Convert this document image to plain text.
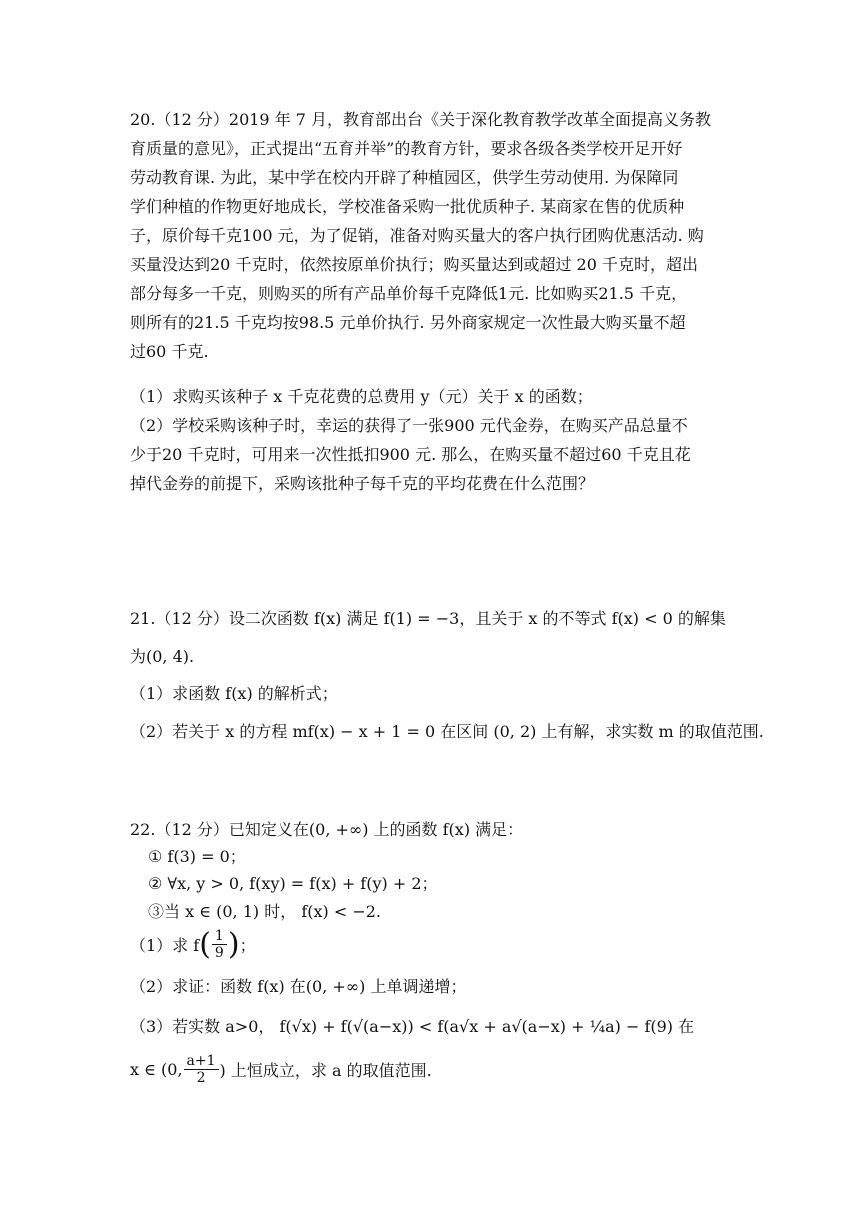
20.（12 分）2019 年 7 月，教育部出台《关于深化教育教学改革全面提高义务教
育质量的意见》，正式提出“五育并举”的教育方针，要求各级各类学校开足开好
劳动教育课. 为此，某中学在校内开辟了种植园区，供学生劳动使用. 为保障同
学们种植的作物更好地成长，学校准备采购一批优质种子. 某商家在售的优质种
子，原价每千克100 元，为了促销，准备对购买量大的客户执行团购优惠活动. 购
买量没达到20 千克时，依然按原单价执行；购买量达到或超过 20 千克时，超出
部分每多一千克，则购买的所有产品单价每千克降低1元. 比如购买21.5 千克，
则所有的21.5 千克均按98.5 元单价执行. 另外商家规定一次性最大购买量不超
过60 千克.
（1）求购买该种子 x 千克花费的总费用 y（元）关于 x 的函数；
（2）学校采购该种子时，幸运的获得了一张900 元代金券，在购买产品总量不
少于20 千克时，可用来一次性抵扣900 元. 那么，在购买量不超过60 千克且花
掉代金券的前提下，采购该批种子每千克的平均花费在什么范围？
21.（12 分）设二次函数 f(x) 满足 f(1) = −3，且关于 x 的不等式 f(x) < 0 的解集
为(0, 4).
（1）求函数 f(x) 的解析式；
（2）若关于 x 的方程 mf(x) − x + 1 = 0 在区间 (0, 2) 上有解，求实数 m 的取值范围.
22.（12 分）已知定义在(0, +∞) 上的函数 f(x) 满足：
① f(3) = 0；
② ∀x, y > 0, f(xy) = f(x) + f(y) + 2；
③当 x ∈ (0, 1) 时， f(x) < −2.
（1）求 f ( $\frac{1}{9}$ ) ；
（2）求证：函数 f(x) 在(0, +∞) 上单调递增；
（3）若实数 a>0， f(√x) + f(√(a−x)) < f(a√x + a√(a−x) + ¼a) − f(9) 在
x ∈ (0, $\frac{a+1}{2}$ ) 上恒成立，求 a 的取值范围.
